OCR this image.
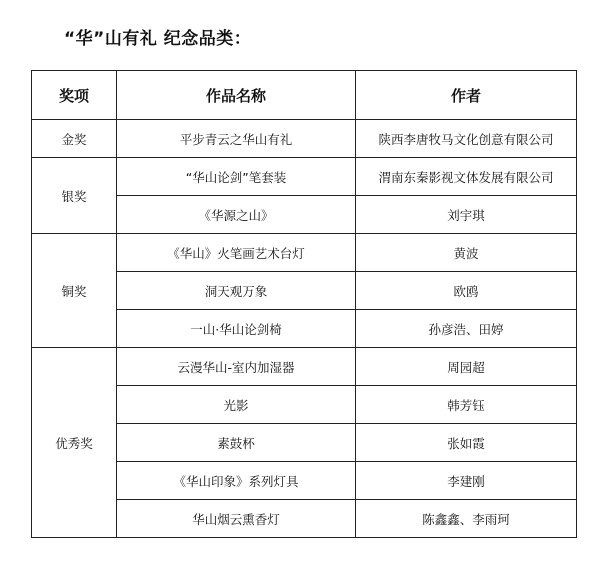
“华”山有礼 纪念品类：
奖项	作品名称	作者
金奖	平步青云之华山有礼	陕西李唐牧马文化创意有限公司
银奖	“华山论剑”笔套装	渭南东秦影视文体发展有限公司
	《华源之山》	刘宇琪
铜奖	《华山》火笔画艺术台灯	黄波
	洞天观万象	欧鸥
	一山·华山论剑椅	孙彦浩、田婷
优秀奖	云漫华山-室内加湿器	周园超
	光影	韩芳钰
	素鼓杯	张如霞
	《华山印象》系列灯具	李建刚
	华山烟云熏香灯	陈鑫鑫、李雨珂
